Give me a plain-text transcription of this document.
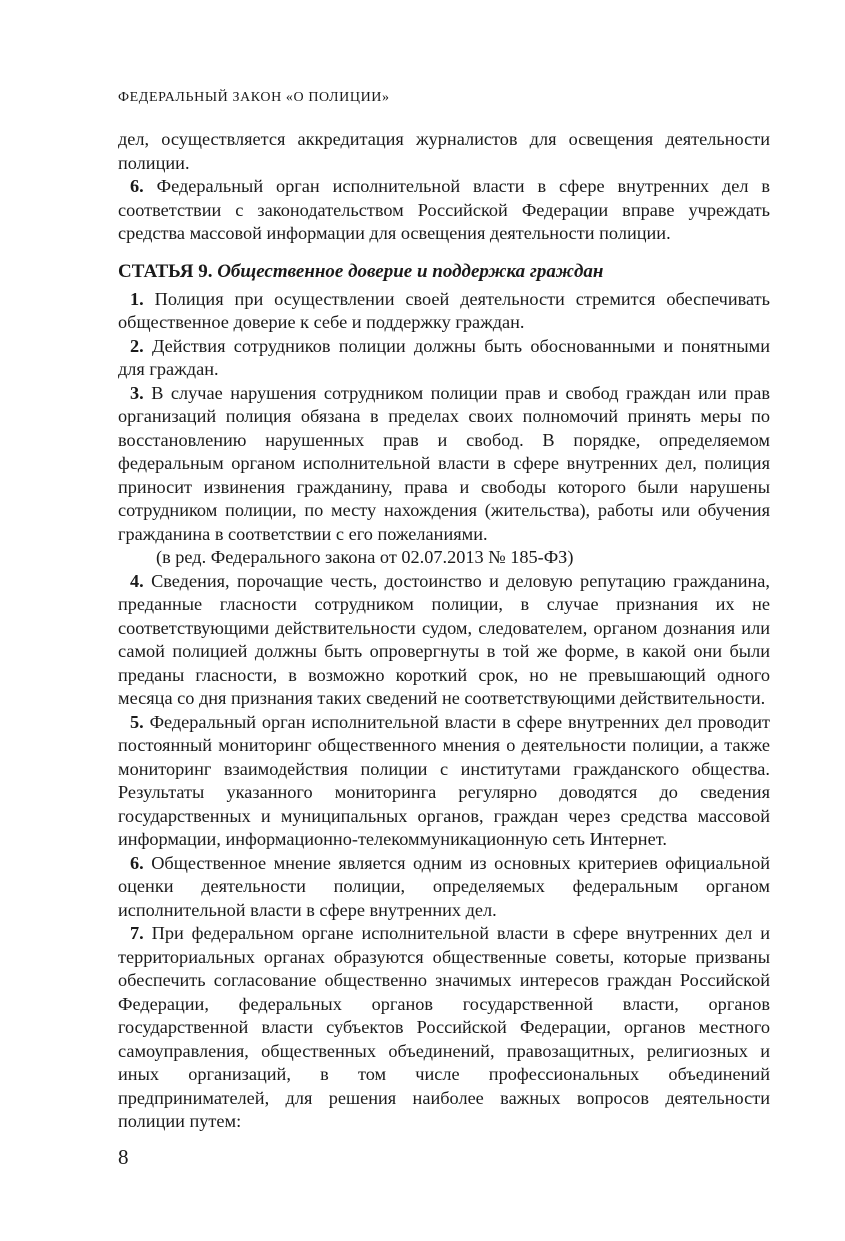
ФЕДЕРАЛЬНЫЙ ЗАКОН «О ПОЛИЦИИ»

дел, осуществляется аккредитация журналистов для освещения деятельности полиции.

6. Федеральный орган исполнительной власти в сфере внутренних дел в соответствии с законодательством Российской Федерации вправе учреждать средства массовой информации для освещения деятельности полиции.

СТАТЬЯ 9. Общественное доверие и поддержка граждан

1. Полиция при осуществлении своей деятельности стремится обеспечивать общественное доверие к себе и поддержку граждан.

2. Действия сотрудников полиции должны быть обоснованными и понятными для граждан.

3. В случае нарушения сотрудником полиции прав и свобод граждан или прав организаций полиция обязана в пределах своих полномочий принять меры по восстановлению нарушенных прав и свобод. В порядке, определяемом федеральным органом исполнительной власти в сфере внутренних дел, полиция приносит извинения гражданину, права и свободы которого были нарушены сотрудником полиции, по месту нахождения (жительства), работы или обучения гражданина в соответствии с его пожеланиями.

(в ред. Федерального закона от 02.07.2013 № 185-ФЗ)

4. Сведения, порочащие честь, достоинство и деловую репутацию гражданина, преданные гласности сотрудником полиции, в случае признания их не соответствующими действительности судом, следователем, органом дознания или самой полицией должны быть опровергнуты в той же форме, в какой они были преданы гласности, в возможно короткий срок, но не превышающий одного месяца со дня признания таких сведений не соответствующими действительности.

5. Федеральный орган исполнительной власти в сфере внутренних дел проводит постоянный мониторинг общественного мнения о деятельности полиции, а также мониторинг взаимодействия полиции с институтами гражданского общества. Результаты указанного мониторинга регулярно доводятся до сведения государственных и муниципальных органов, граждан через средства массовой информации, информационно-телекоммуникационную сеть Интернет.

6. Общественное мнение является одним из основных критериев официальной оценки деятельности полиции, определяемых федеральным органом исполнительной власти в сфере внутренних дел.

7. При федеральном органе исполнительной власти в сфере внутренних дел и территориальных органах образуются общественные советы, которые призваны обеспечить согласование общественно значимых интересов граждан Российской Федерации, федеральных органов государственной власти, органов государственной власти субъектов Российской Федерации, органов местного самоуправления, общественных объединений, правозащитных, религиозных и иных организаций, в том числе профессиональных объединений предпринимателей, для решения наиболее важных вопросов деятельности полиции путем:

8
